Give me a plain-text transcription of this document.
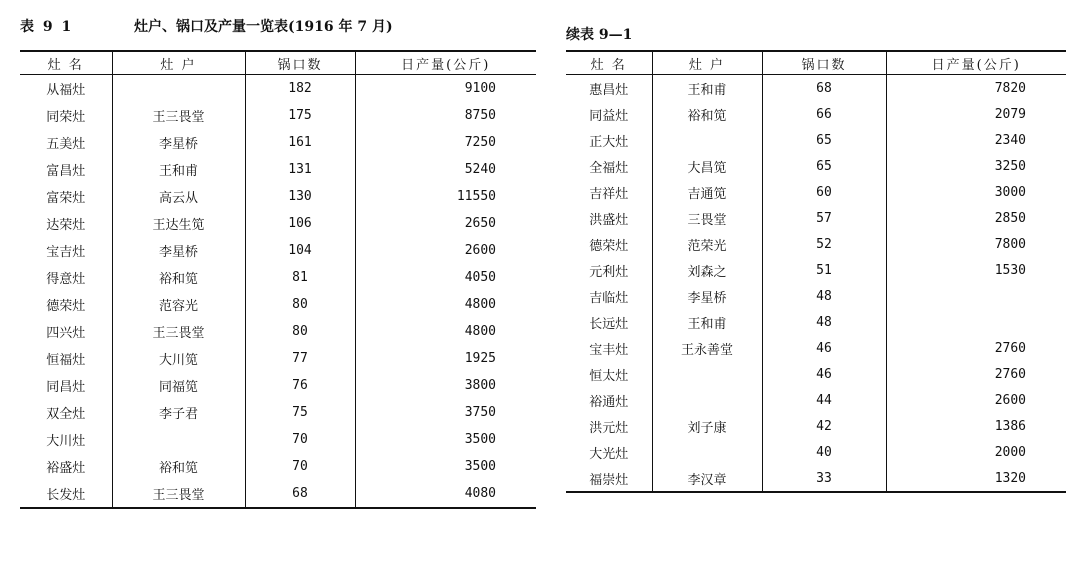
表 9 1	灶户、锅口及产量一览表(1916 年 7 月)
灶 名	灶 户	锅口数	日产量(公斤)
从福灶		182	9100
同荣灶	王三畏堂	175	8750
五美灶	李星桥	161	7250
富昌灶	王和甫	131	5240
富荣灶	高云从	130	11550
达荣灶	王达生笕	106	2650
宝吉灶	李星桥	104	2600
得意灶	裕和笕	81	4050
德荣灶	范容光	80	4800
四兴灶	王三畏堂	80	4800
恒福灶	大川笕	77	1925
同昌灶	同福笕	76	3800
双全灶	李子君	75	3750
大川灶		70	3500
裕盛灶	裕和笕	70	3500
长发灶	王三畏堂	68	4080
续表 9—1
灶 名	灶 户	锅口数	日产量(公斤)
惠昌灶	王和甫	68	7820
同益灶	裕和笕	66	2079
正大灶		65	2340
全福灶	大昌笕	65	3250
吉祥灶	吉通笕	60	3000
洪盛灶	三畏堂	57	2850
德荣灶	范荣光	52	7800
元利灶	刘森之	51	1530
吉临灶	李星桥	48	
长远灶	王和甫	48	
宝丰灶	王永善堂	46	2760
恒太灶		46	2760
裕通灶		44	2600
洪元灶	刘子康	42	1386
大光灶		40	2000
福崇灶	李汉章	33	1320
